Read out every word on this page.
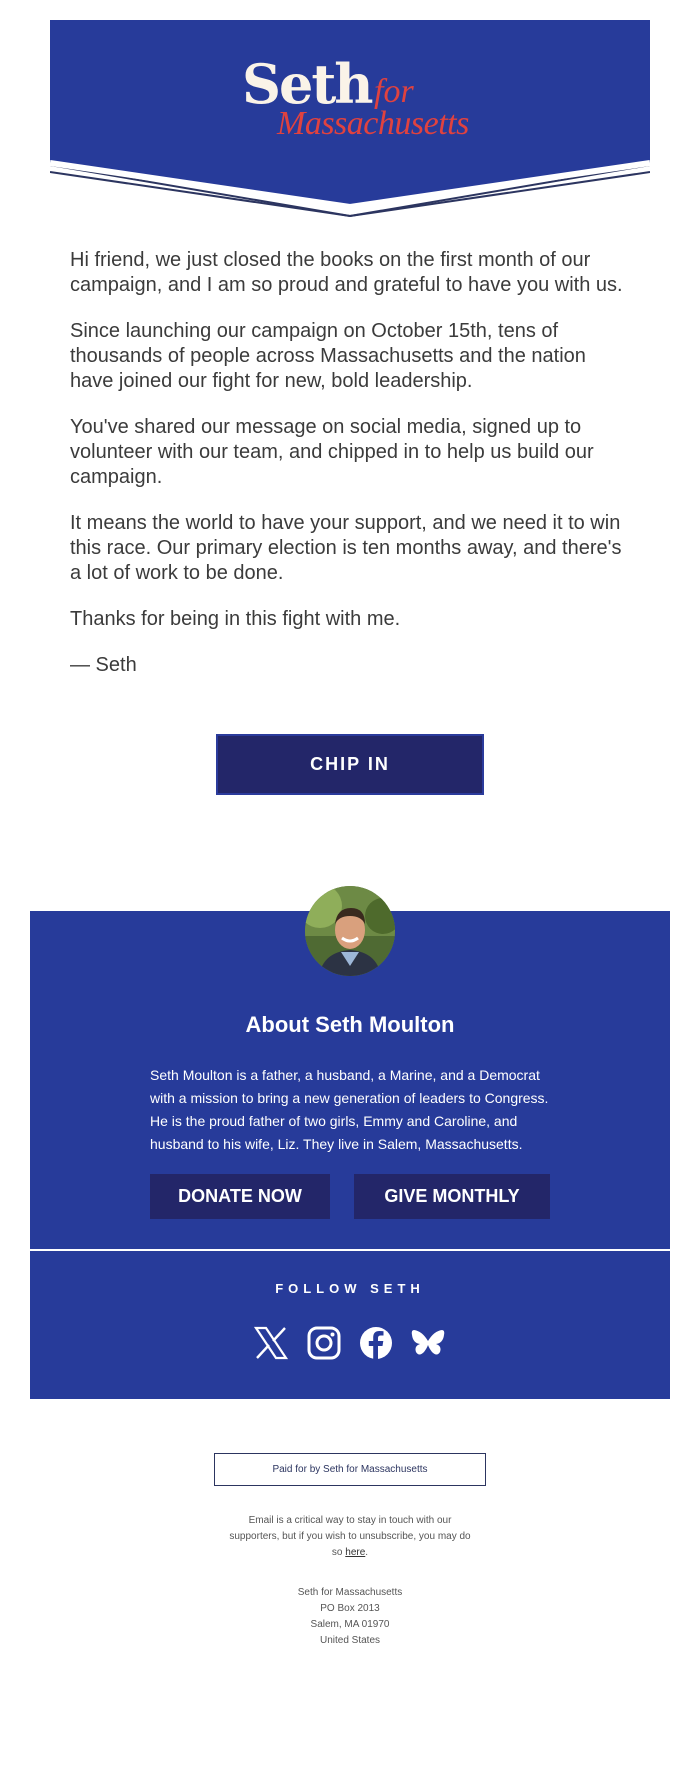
Seth for
Massachusetts

Hi friend, we just closed the books on the first month of our campaign, and I am so proud and grateful to have you with us.

Since launching our campaign on October 15th, tens of thousands of people across Massachusetts and the nation have joined our fight for new, bold leadership.

You've shared our message on social media, signed up to volunteer with our team, and chipped in to help us build our campaign.

It means the world to have your support, and we need it to win this race. Our primary election is ten months away, and there's a lot of work to be done.

Thanks for being in this fight with me.

— Seth

CHIP IN
About Seth Moulton
Seth Moulton is a father, a husband, a Marine, and a Democrat with a mission to bring a new generation of leaders to Congress. He is the proud father of two girls, Emmy and Caroline, and husband to his wife, Liz. They live in Salem, Massachusetts.
DONATE NOW	GIVE MONTHLY
FOLLOW SETH
Paid for by Seth for Massachusetts
Email is a critical way to stay in touch with our supporters, but if you wish to unsubscribe, you may do so here.
Seth for Massachusetts
PO Box 2013
Salem, MA 01970
United States
